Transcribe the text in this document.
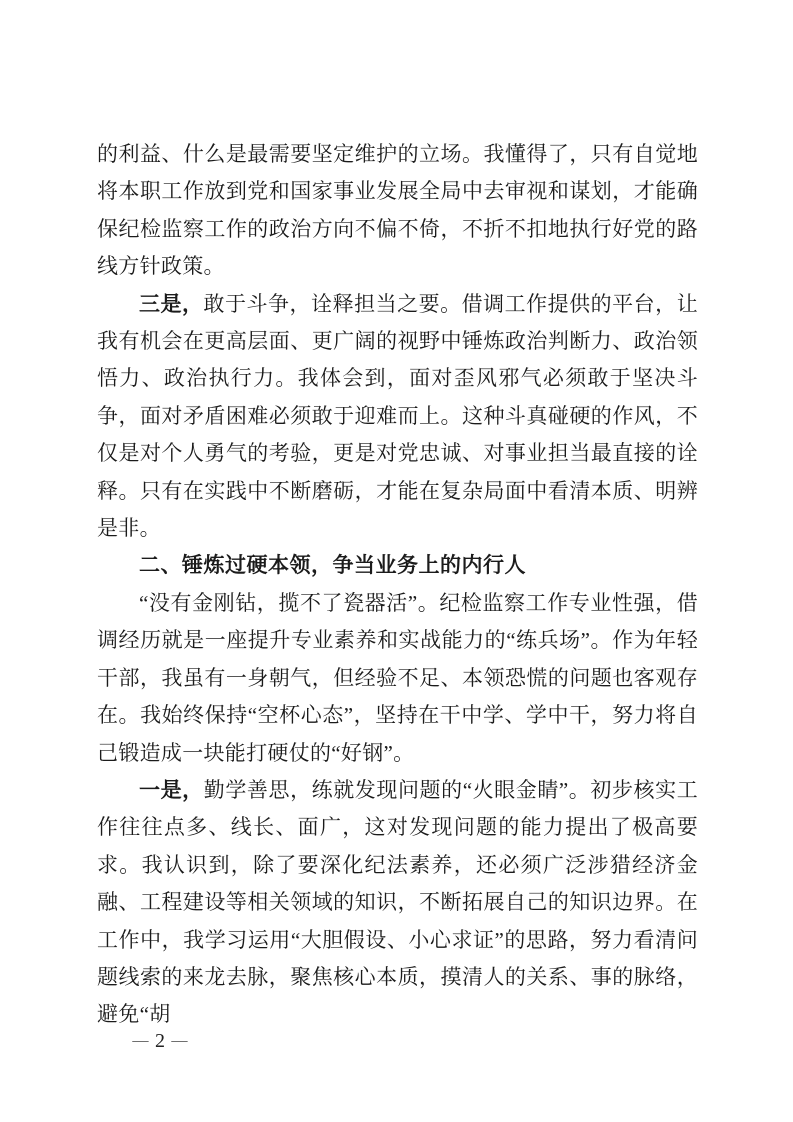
的利益、什么是最需要坚定维护的立场。我懂得了，只有自觉地将本职工作放到党和国家事业发展全局中去审视和谋划，才能确保纪检监察工作的政治方向不偏不倚，不折不扣地执行好党的路线方针政策。

三是，敢于斗争，诠释担当之要。借调工作提供的平台，让我有机会在更高层面、更广阔的视野中锤炼政治判断力、政治领悟力、政治执行力。我体会到，面对歪风邪气必须敢于坚决斗争，面对矛盾困难必须敢于迎难而上。这种斗真碰硬的作风，不仅是对个人勇气的考验，更是对党忠诚、对事业担当最直接的诠释。只有在实践中不断磨砺，才能在复杂局面中看清本质、明辨是非。

二、锤炼过硬本领，争当业务上的内行人

“没有金刚钻，揽不了瓷器活”。纪检监察工作专业性强，借调经历就是一座提升专业素养和实战能力的“练兵场”。作为年轻干部，我虽有一身朝气，但经验不足、本领恐慌的问题也客观存在。我始终保持“空杯心态”，坚持在干中学、学中干，努力将自己锻造成一块能打硬仗的“好钢”。

一是，勤学善思，练就发现问题的“火眼金睛”。初步核实工作往往点多、线长、面广，这对发现问题的能力提出了极高要求。我认识到，除了要深化纪法素养，还必须广泛涉猎经济金融、工程建设等相关领域的知识，不断拓展自己的知识边界。在工作中，我学习运用“大胆假设、小心求证”的思路，努力看清问题线索的来龙去脉，聚焦核心本质，摸清人的关系、事的脉络，避免“胡

— 2 —
